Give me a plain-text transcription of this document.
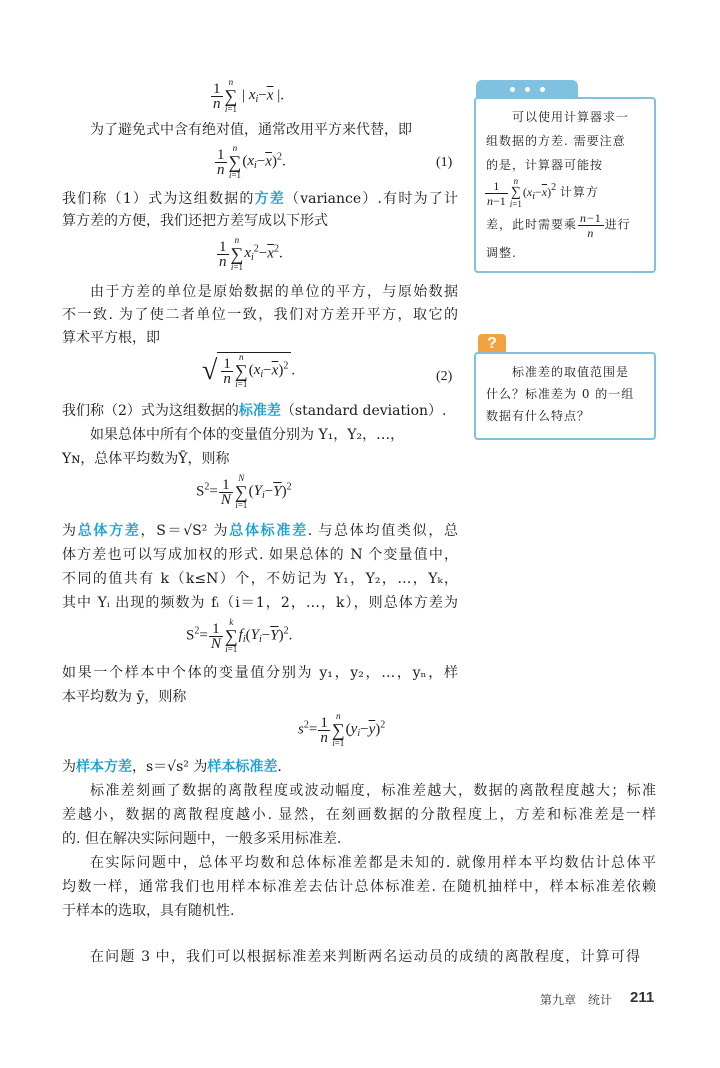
$\frac{1}{n}$ n
∑
i=1 | $x_i-\overline{x}$ |.
为了避免式中含有绝对值，通常改用平方来代替，即
$\frac{1}{n}$ n
∑
$i=1(x_i-\overline{x})^2$.	(1)
我们称（1）式为这组数据的方差（variance）.有时为了计
算方差的方便，我们还把方差写成以下形式
$\frac{1}{n}$ n
∑
$i=1x_i^2-\overline{x}^2$.
由于方差的单位是原始数据的单位的平方，与原始数据
不一致. 为了使二者单位一致，我们对方差开平方，取它的
算术平方根，即
√ $\frac{1}{n}$ n
∑
$i=1(x_i-\overline{x})^2$ .	(2)
我们称（2）式为这组数据的标准差（standard deviation）.
如果总体中所有个体的变量值分别为 Y₁，Y₂，…，
Yɴ，总体平均数为Ȳ，则称
$S^2= \frac{1}{N}$ N
∑
$i=1(Y_i-\overline{Y})^2$
为总体方差，S＝√S² 为总体标准差. 与总体均值类似，总
体方差也可以写成加权的形式. 如果总体的 N 个变量值中，
不同的值共有 k（k≤N）个，不妨记为 Y₁，Y₂，…，Yₖ，
其中 Yᵢ 出现的频数为 fᵢ（i＝1，2，…，k），则总体方差为
$S^2= \frac{1}{N}$ k
∑
$i=1f_i(Y_i-\overline{Y})^2$.
如果一个样本中个体的变量值分别为 y₁，y₂，…，yₙ，样
本平均数为 ȳ，则称
$s^2= \frac{1}{n}$ n
∑
$i=1(y_i-\overline{y})^2$
为样本方差，s＝√s² 为样本标准差.
标准差刻画了数据的离散程度或波动幅度，标准差越大，数据的离散程度越大；标准
差越小，数据的离散程度越小. 显然，在刻画数据的分散程度上，方差和标准差是一样
的. 但在解决实际问题中，一般多采用标准差.
在实际问题中，总体平均数和总体标准差都是未知的. 就像用样本平均数估计总体平
均数一样，通常我们也用样本标准差去估计总体标准差. 在随机抽样中，样本标准差依赖
于样本的选取，具有随机性.
在问题 3 中，我们可以根据标准差来判断两名运动员的成绩的离散程度，计算可得
可以使用计算器求一
组数据的方差. 需要注意
的是，计算器可能按
$\frac{1}{n-1}$ n
∑
$i=1(x_i-\overline{x})^2$ 计算方
差，此时需要乘 $\frac{n-1}{n}$ 进行
调整.
?
标准差的取值范围是
什么？标准差为 0 的一组
数据有什么特点？
第九章　统计 211
